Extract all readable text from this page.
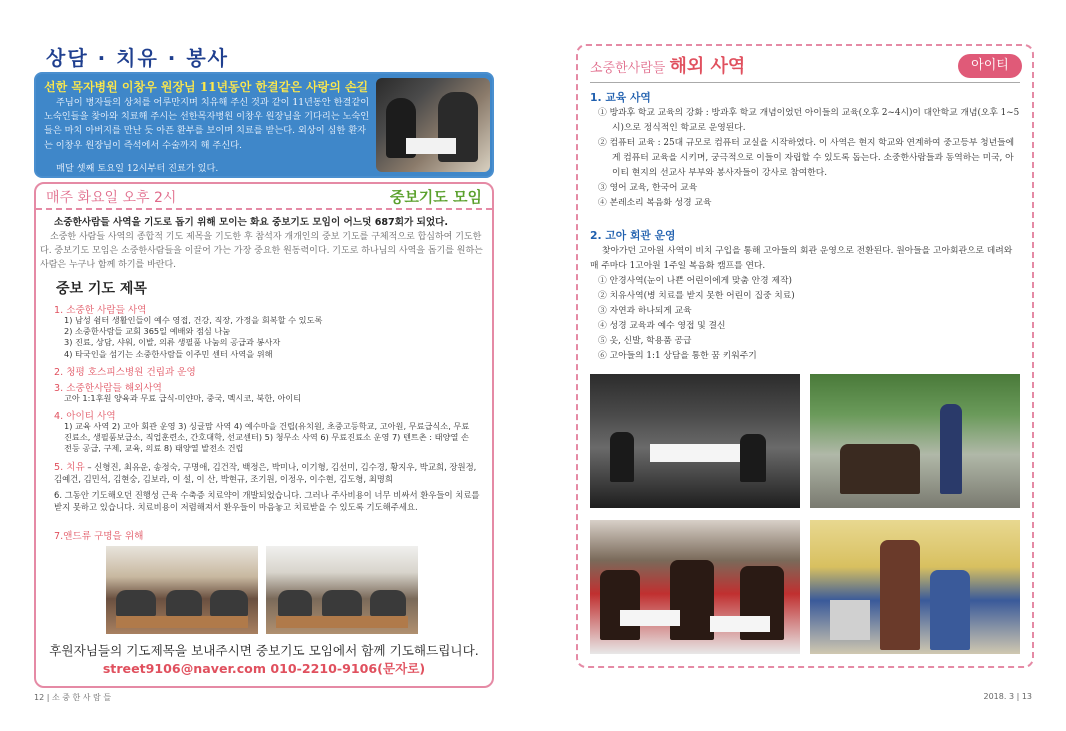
상담 · 치유 · 봉사
선한 목자병원 이창우 원장님 11년동안 한결같은 사랑의 손길
주님이 병자들의 상처를 어루만지며 치유해 주신 것과 같이 11년동안 한결같이 노숙인들을 찾아와 치료해 주시는 선한목자병원 이창우 원장님을 기다리는 노숙인들은 마치 아버지를 만난 듯 아픈 환부를 보이며 치료를 받는다. 외상이 심한 환자는 이창우 원장님이 즉석에서 수술까지 해 주신다.
매달 셋째 토요일 12시부터 진료가 있다.
매주 화요일 오후 2시	중보기도 모임
소중한사람들 사역을 기도로 돕기 위해 모이는 화요 중보기도 모임이 어느덧 687회가 되었다.
소중한 사람들 사역의 종합적 기도 제목을 기도한 후 참석자 개개인의 중보 기도를 구체적으로 합심하여 기도한다. 중보기도 모임은 소중한사람들을 이끌어 가는 가장 중요한 원동력이다. 기도로 하나님의 사역을 돕기를 원하는 사람은 누구나 함께 하기를 바란다.
중보 기도 제목
1. 소중한 사람들 사역
1) 남성 쉼터 생활인들이 예수 영접, 건강, 직장, 가정을 회복할 수 있도록
2) 소중한사람들 교회 365일 예배와 점심 나눔
3) 진료, 상담, 샤워, 이발, 의류 생필품 나눔의 공급과 봉사자
4) 타국인을 섬기는 소중한사람들 이주민 센터 사역을 위해
2. 청평 호스피스병원 건립과 운영
3. 소중한사람들 해외사역
고아 1:1후원 양육과 무료 급식-미얀마, 중국, 멕시코, 북한, 아이티
4. 아이티 사역
1) 교육 사역 2) 고아 회관 운영 3) 싱글맘 사역 4) 예수마을 건립(유치원, 초중고등학교, 고아원, 무료급식소, 무료진료소, 생필품보급소, 직업훈련소, 간호대학, 선교센터) 5) 청무소 사역 6) 무료진료소 운영 7) 텐트촌 : 태양열 손전등 공급, 구제, 교육, 의료 8) 태양열 발전소 건립
5. 치유 – 신형진, 최유운, 송정숙, 구명애, 김건작, 백정은, 박미나, 이기형, 김선미, 김수경, 황지우, 박교희, 장원정, 김예건, 김민석, 김현숭, 김보라, 이 설, 이 산, 박현규, 조기원, 이정우, 이수현, 김도형, 최명희
6. 그동안 기도해오던 진행성 근육 수축증 치료약이 개발되었습니다. 그러나 주사비용이 너무 비싸서 환우들이 치료를 받지 못하고 있습니다. 치료비용이 저렴해져서 환우들이 마음놓고 치료받을 수 있도록 기도해주세요.
7.앤드류 구명을 위해
후원자님들의 기도제목을 보내주시면 중보기도 모임에서 함께 기도해드립니다.
street9106@naver.com 010-2210-9106(문자로)
12 | 소 중 한 사 람 들
소중한사람들 해외 사역	아이티
1. 교육 사역
① 방과후 학교 교육의 강화 : 방과후 학교 개념이었던 아이들의 교육(오후 2~4시)이 대안학교 개념(오후 1~5시)으로 정식적인 학교로 운영된다.
② 컴퓨터 교육 : 25대 규모로 컴퓨터 교실을 시작하였다. 이 사역은 현지 학교와 연계하여 중고등부 청년들에게 컴퓨터 교육을 시키며, 궁극적으로 이들이 자립할 수 있도록 돕는다. 소중한사람들과 동역하는 미국, 아이티 현지의 선교사 부부와 봉사자들이 강사로 참여한다.
③ 영어 교육, 한국어 교육
④ 본레소리 복음화 성경 교육
2. 고아 회관 운영
찾아가던 고아원 사역이 비치 구입을 통해 고아들의 회관 운영으로 전환된다. 원아들을 고아회관으로 데려와 매 주마다 1고아원 1주일 복음화 캠프를 연다.
① 안경사역(눈이 나쁜 어린이에게 맞춤 안경 제작)
② 치유사역(병 치료를 받지 못한 어린이 집중 치료)
③ 자연과 하나되게 교육
④ 성경 교육과 예수 영접 및 결신
⑤ 옷, 신발, 학용품 공급
⑥ 고아들의 1:1 상담을 통한 꿈 키워주기
2018. 3 | 13
